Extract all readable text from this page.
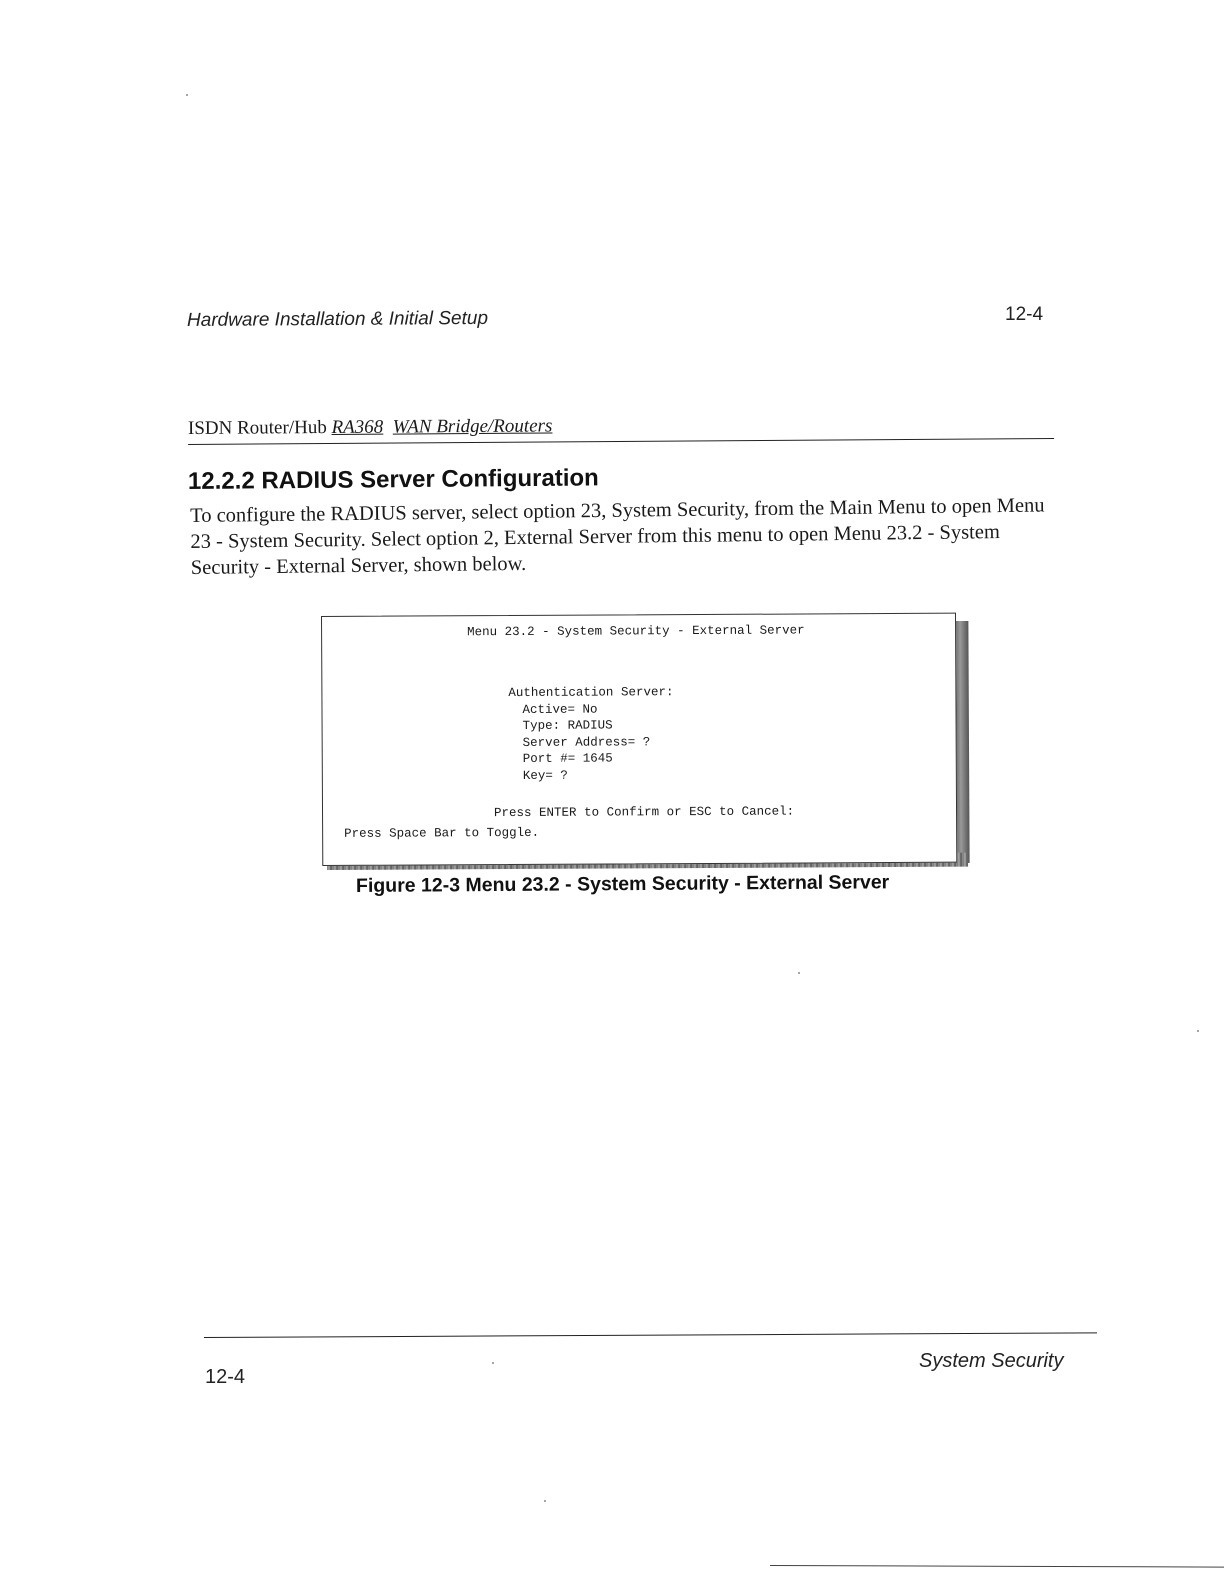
Hardware Installation & Initial Setup	12-4
ISDN Router/Hub RA368 WAN Bridge/Routers
12.2.2 RADIUS Server Configuration
To configure the RADIUS server, select option 23, System Security, from the Main Menu to open Menu 23 - System Security. Select option 2, External Server from this menu to open Menu 23.2 - System Security - External Server, shown below.
Menu 23.2 - System Security - External Server
Authentication Server:
Active= No
Type: RADIUS
Server Address= ?
Port #= 1645
Key= ?
Press ENTER to Confirm or ESC to Cancel:
Press Space Bar to Toggle.
Figure 12-3 Menu 23.2 - System Security - External Server
12-4
System Security
